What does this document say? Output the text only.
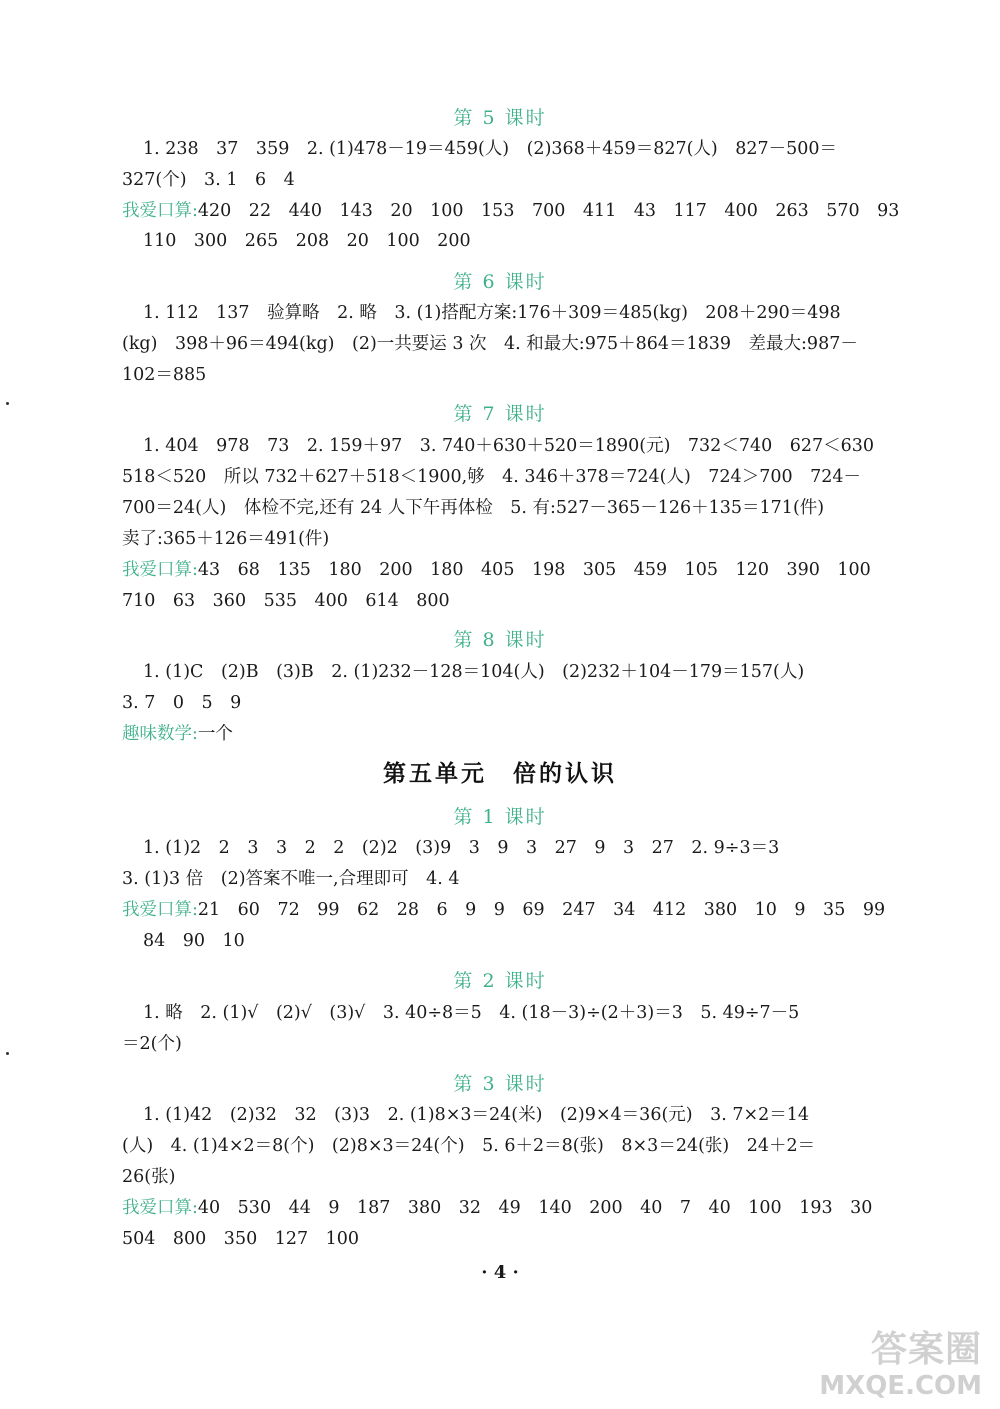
第 5 课时
1. 238　37　359　2. (1)478－19＝459(人)　(2)368＋459＝827(人)　827－500＝
327(个)　3. 1　6　4
我爱口算:420　22　440　143　20　100　153　700　411　43　117　400　263　570　93
110　300　265　208　20　100　200
第 6 课时
1. 112　137　验算略　2. 略　3. (1)搭配方案:176＋309＝485(kg)　208＋290＝498
(kg)　398＋96＝494(kg)　(2)一共要运 3 次　4. 和最大:975＋864＝1839　差最大:987－
102＝885
第 7 课时
1. 404　978　73　2. 159＋97　3. 740＋630＋520＝1890(元)　732＜740　627＜630
518＜520　所以 732＋627＋518＜1900,够　4. 346＋378＝724(人)　724＞700　724－
700＝24(人)　体检不完,还有 24 人下午再体检　5. 有:527－365－126＋135＝171(件)
卖了:365＋126＝491(件)
我爱口算:43　68　135　180　200　180　405　198　305　459　105　120　390　100
710　63　360　535　400　614　800
第 8 课时
1. (1)C　(2)B　(3)B　2. (1)232－128＝104(人)　(2)232＋104－179＝157(人)
3. 7　0　5　9
趣味数学:一个
第五单元　倍的认识
第 1 课时
1. (1)2　2　3　3　2　2　(2)2　(3)9　3　9　3　27　9　3　27　2. 9÷3＝3
3. (1)3 倍　(2)答案不唯一,合理即可　4. 4
我爱口算:21　60　72　99　62　28　6　9　9　69　247　34　412　380　10　9　35　99
84　90　10
第 2 课时
1. 略　2. (1)√　(2)√　(3)√　3. 40÷8＝5　4. (18－3)÷(2＋3)＝3　5. 49÷7－5
＝2(个)
第 3 课时
1. (1)42　(2)32　32　(3)3　2. (1)8×3＝24(米)　(2)9×4＝36(元)　3. 7×2＝14
(人)　4. (1)4×2＝8(个)　(2)8×3＝24(个)　5. 6＋2＝8(张)　8×3＝24(张)　24＋2＝
26(张)
我爱口算:40　530　44　9　187　380　32　49　140　200　40　7　40　100　193　30
504　800　350　127　100
· 4 ·
答案圈
MXQE.COM
